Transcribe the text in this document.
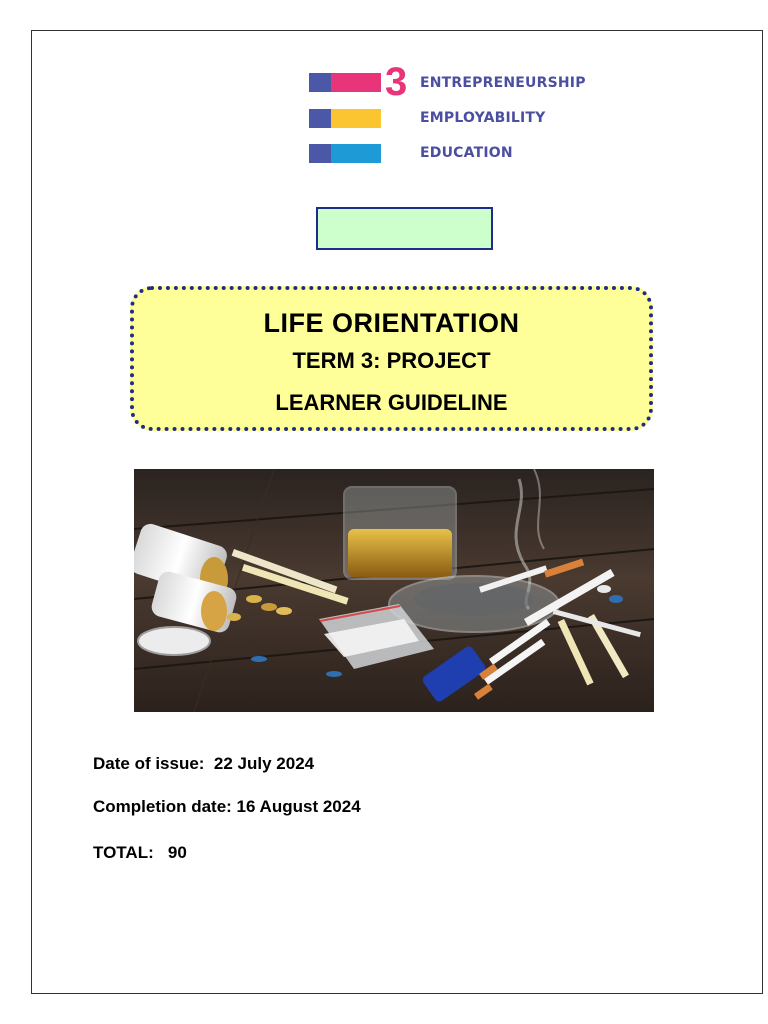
3 ENTREPRENEURSHIP
EMPLOYABILITY
EDUCATION
LIFE ORIENTATION
TERM 3: PROJECT
LEARNER GUIDELINE
Date of issue:  22 July 2024
Completion date: 16 August 2024
TOTAL:   90
